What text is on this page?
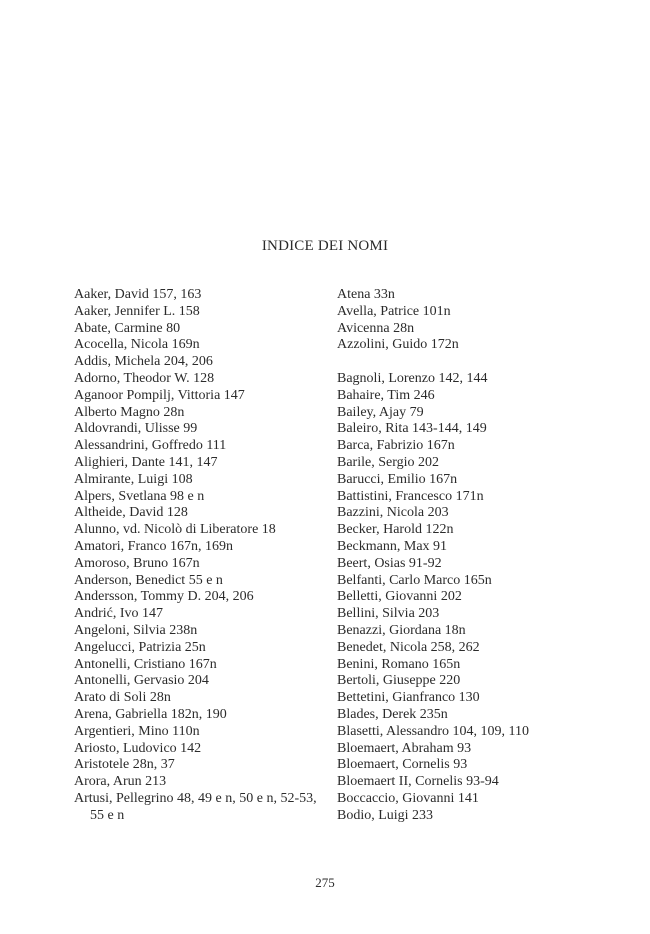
INDICE DEI NOMI
Aaker, David 157, 163
Aaker, Jennifer L. 158
Abate, Carmine 80
Acocella, Nicola 169n
Addis, Michela 204, 206
Adorno, Theodor W. 128
Aganoor Pompilj, Vittoria 147
Alberto Magno 28n
Aldovrandi, Ulisse 99
Alessandrini, Goffredo 111
Alighieri, Dante 141, 147
Almirante, Luigi 108
Alpers, Svetlana 98 e n
Altheide, David 128
Alunno, vd. Nicolò di Liberatore 18
Amatori, Franco 167n, 169n
Amoroso, Bruno 167n
Anderson, Benedict 55 e n
Andersson, Tommy D. 204, 206
Andrić, Ivo 147
Angeloni, Silvia 238n
Angelucci, Patrizia 25n
Antonelli, Cristiano 167n
Antonelli, Gervasio 204
Arato di Soli 28n
Arena, Gabriella 182n, 190
Argentieri, Mino 110n
Ariosto, Ludovico 142
Aristotele 28n, 37
Arora, Arun 213
Artusi, Pellegrino 48, 49 e n, 50 e n, 52-53, 55 e n
Atena 33n
Avella, Patrice 101n
Avicenna 28n
Azzolini, Guido 172n
Bagnoli, Lorenzo 142, 144
Bahaire, Tim 246
Bailey, Ajay 79
Baleiro, Rita 143-144, 149
Barca, Fabrizio 167n
Barile, Sergio 202
Barucci, Emilio 167n
Battistini, Francesco 171n
Bazzini, Nicola 203
Becker, Harold 122n
Beckmann, Max 91
Beert, Osias 91-92
Belfanti, Carlo Marco 165n
Belletti, Giovanni 202
Bellini, Silvia 203
Benazzi, Giordana 18n
Benedet, Nicola 258, 262
Benini, Romano 165n
Bertoli, Giuseppe 220
Bettetini, Gianfranco 130
Blades, Derek 235n
Blasetti, Alessandro 104, 109, 110
Bloemaert, Abraham 93
Bloemaert, Cornelis 93
Bloemaert II, Cornelis 93-94
Boccaccio, Giovanni 141
Bodio, Luigi 233
275
